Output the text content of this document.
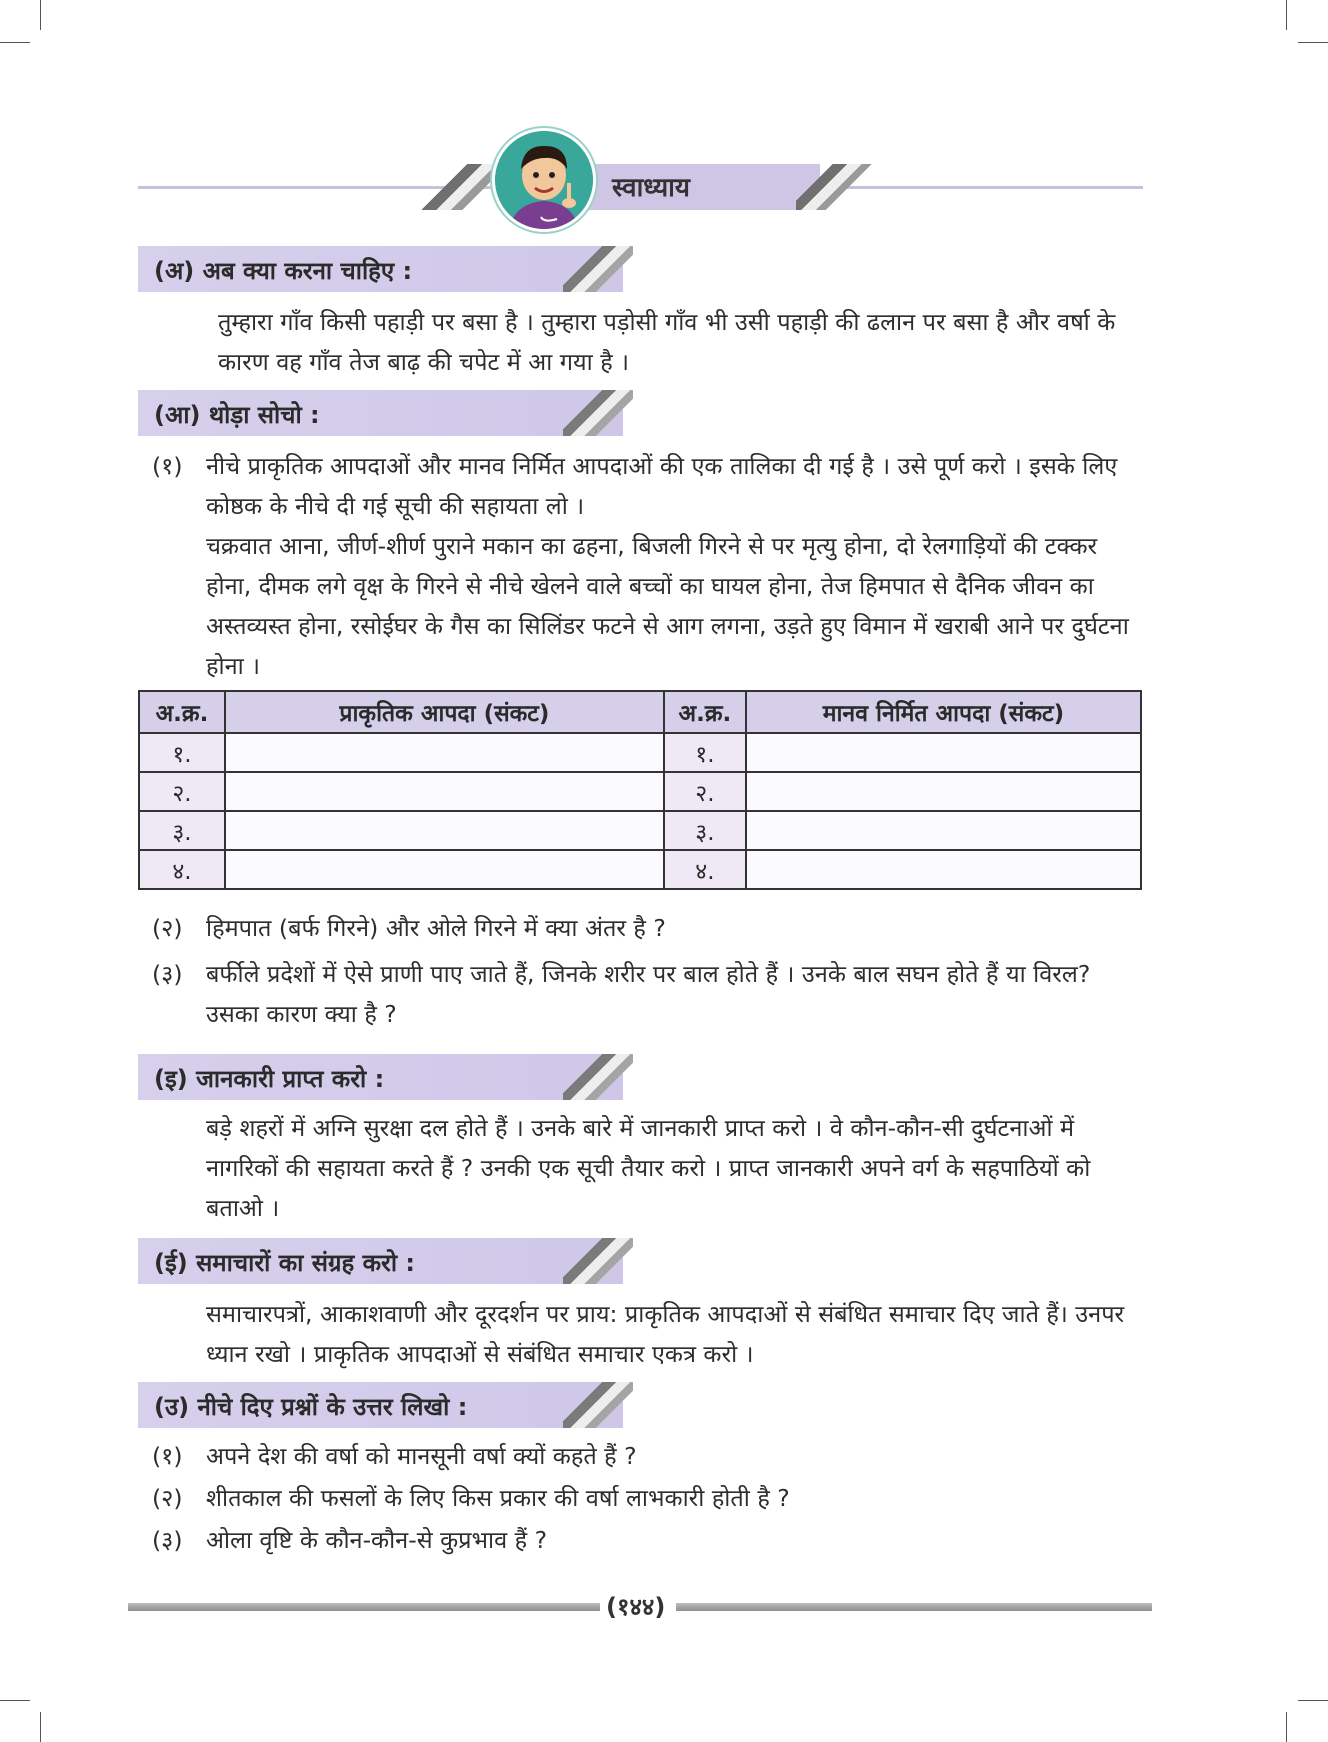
स्वाध्याय
(अ) अब क्या करना चाहिए :
तुम्हारा गाँव किसी पहाड़ी पर बसा है । तुम्हारा पड़ोसी गाँव भी उसी पहाड़ी की ढलान पर बसा है और वर्षा के कारण वह गाँव तेज बाढ़ की चपेट में आ गया है ।
(आ) थोड़ा सोचो :
(१) नीचे प्राकृतिक आपदाओं और मानव निर्मित आपदाओं की एक तालिका दी गई है । उसे पूर्ण करो । इसके लिए कोष्ठक के नीचे दी गई सूची की सहायता लो ।
चक्रवात आना, जीर्ण-शीर्ण पुराने मकान का ढहना, बिजली गिरने से पर मृत्यु होना, दो रेलगाड़ियों की टक्कर होना, दीमक लगे वृक्ष के गिरने से नीचे खेलने वाले बच्चों का घायल होना, तेज हिमपात से दैनिक जीवन का अस्तव्यस्त होना, रसोईघर के गैस का सिलिंडर फटने से आग लगना, उड़ते हुए विमान में खराबी आने पर दुर्घटना होना ।
अ.क्र.	प्राकृतिक आपदा (संकट)	अ.क्र.	मानव निर्मित आपदा (संकट)
१.		१.	
२.		२.	
३.		३.	
४.		४.	
(२) हिमपात (बर्फ गिरने) और ओले गिरने में क्या अंतर है ?
(३) बर्फीले प्रदेशों में ऐसे प्राणी पाए जाते हैं, जिनके शरीर पर बाल होते हैं । उनके बाल सघन होते हैं या विरल? उसका कारण क्या है ?
(इ) जानकारी प्राप्त करो :
बड़े शहरों में अग्नि सुरक्षा दल होते हैं । उनके बारे में जानकारी प्राप्त करो । वे कौन-कौन-सी दुर्घटनाओं में नागरिकों की सहायता करते हैं ? उनकी एक सूची तैयार करो । प्राप्त जानकारी अपने वर्ग के सहपाठियों को बताओ ।
(ई) समाचारों का संग्रह करो :
समाचारपत्रों, आकाशवाणी और दूरदर्शन पर प्राय: प्राकृतिक आपदाओं से संबंधित समाचार दिए जाते हैं। उनपर ध्यान रखो । प्राकृतिक आपदाओं से संबंधित समाचार एकत्र करो ।
(उ) नीचे दिए प्रश्नों के उत्तर लिखो :
(१) अपने देश की वर्षा को मानसूनी वर्षा क्यों कहते हैं ?
(२) शीतकाल की फसलों के लिए किस प्रकार की वर्षा लाभकारी होती है ?
(३) ओला वृष्टि के कौन-कौन-से कुप्रभाव हैं ?
(१४४)
